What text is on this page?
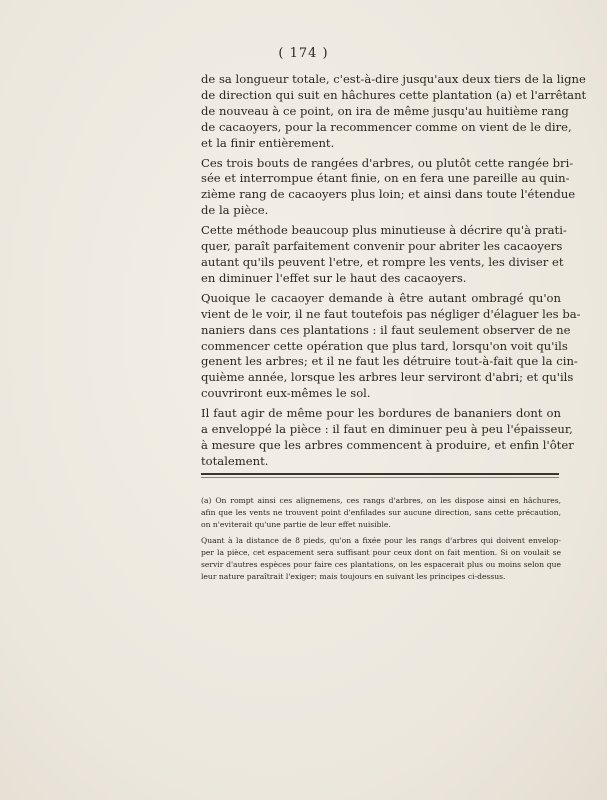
( 174 )
de sa longueur totale, c'est-à-dire jusqu'aux deux tiers de la ligne
de direction qui suit en hâchures cette plantation (a) et l'arrêtant
de nouveau à ce point, on ira de même jusqu'au huitième rang
de cacaoyers, pour la recommencer comme on vient de le dire,
et la finir entièrement.
Ces trois bouts de rangées d'arbres, ou plutôt cette rangée bri-
sée et interrompue étant finie, on en fera une pareille au quin-
zième rang de cacaoyers plus loin; et ainsi dans toute l'étendue
de la pièce.
Cette méthode beaucoup plus minutieuse à décrire qu'à prati-
quer, paraît parfaitement convenir pour abriter les cacaoyers
autant qu'ils peuvent l'etre, et rompre les vents, les diviser et
en diminuer l'effet sur le haut des cacaoyers.
Quoique le cacaoyer demande à être autant ombragé qu'on
vient de le voir, il ne faut toutefois pas négliger d'élaguer les ba-
naniers dans ces plantations : il faut seulement observer de ne
commencer cette opération que plus tard, lorsqu'on voit qu'ils
genent les arbres; et il ne faut les détruire tout-à-fait que la cin-
quième année, lorsque les arbres leur serviront d'abri; et qu'ils
couvriront eux-mêmes le sol.
Il faut agir de même pour les bordures de bananiers dont on
a enveloppé la pièce : il faut en diminuer peu à peu l'épaisseur,
à mesure que les arbres commencent à produire, et enfin l'ôter
totalement.
(a) On rompt ainsi ces alignemens, ces rangs d'arbres, on les dispose ainsi en hâchures,
afin que les vents ne trouvent point d'enfilades sur aucune direction, sans cette précaution,
on n'eviterait qu'une partie de leur effet nuisible.
Quant à la distance de 8 pieds, qu'on a fixée pour les rangs d'arbres qui doivent envelop-
per la pièce, cet espacement sera suffisant pour ceux dont on fait mention. Si on voulait se
servir d'autres espèces pour faire ces plantations, on les espacerait plus ou moins selon que
leur nature paraîtrait l'exiger; mais toujours en suivant les principes ci-dessus.
